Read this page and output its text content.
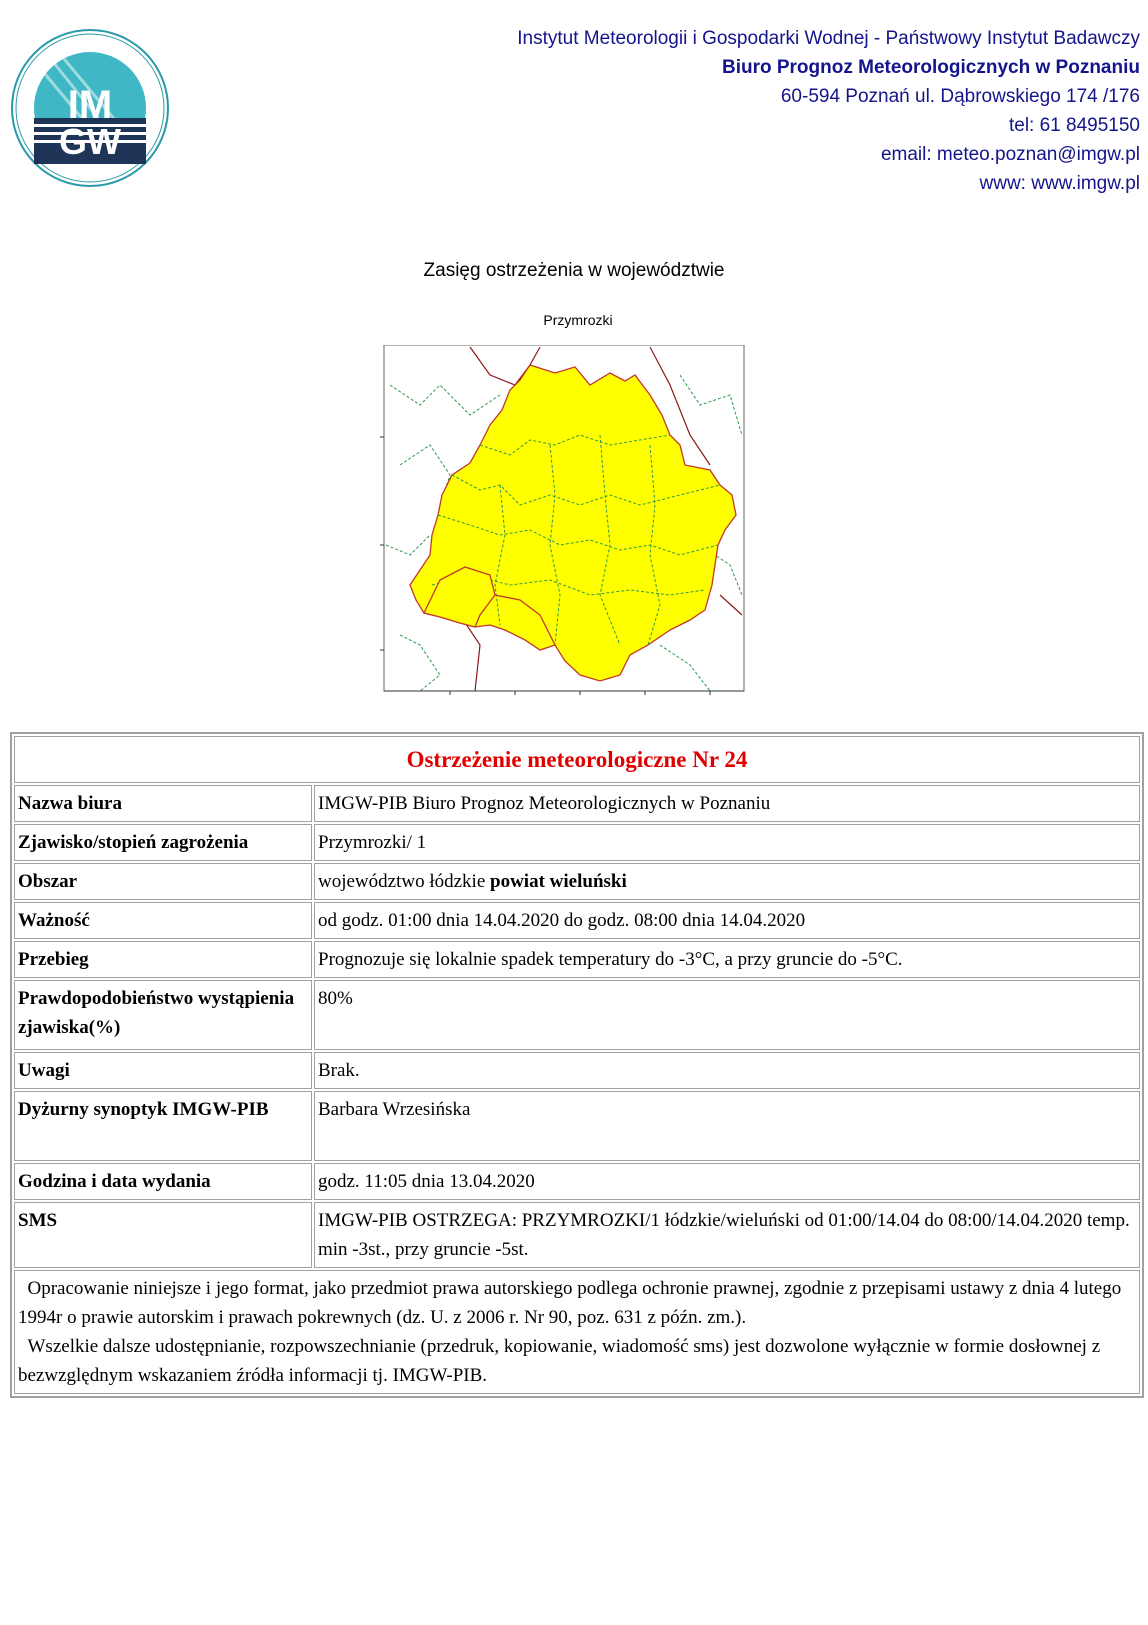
IM
GW
Instytut Meteorologii i Gospodarki Wodnej - Państwowy Instytut Badawczy
Biuro Prognoz Meteorologicznych w Poznaniu
60-594 Poznań ul. Dąbrowskiego 174 /176
tel: 61 8495150
email: meteo.poznan@imgw.pl
www: www.imgw.pl
Zasięg ostrzeżenia w województwie
Przymrozki
Ostrzeżenie meteorologiczne Nr 24	
Nazwa biura	IMGW-PIB Biuro Prognoz Meteorologicznych w Poznaniu
Zjawisko/stopień zagrożenia	Przymrozki/ 1
Obszar	województwo łódzkie powiat wieluński
Ważność	od godz. 01:00 dnia 14.04.2020 do godz. 08:00 dnia 14.04.2020
Przebieg	Prognozuje się lokalnie spadek temperatury do -3°C, a przy gruncie do -5°C.
Prawdopodobieństwo wystąpienia zjawiska(%)	80%
Uwagi	Brak.
Dyżurny synoptyk IMGW-PIB	Barbara Wrzesińska
Godzina i data wydania	godz. 11:05 dnia 13.04.2020
SMS	IMGW-PIB OSTRZEGA: PRZYMROZKI/1 łódzkie/wieluński od 01:00/14.04 do 08:00/14.04.2020 temp. min -3st., przy gruncie -5st.

Opracowanie niniejsze i jego format, jako przedmiot prawa autorskiego podlega ochronie prawnej, zgodnie z przepisami ustawy z dnia 4 lutego 1994r o prawie autorskim i prawach pokrewnych (dz. U. z 2006 r. Nr 90, poz. 631 z późn. zm.).

Wszelkie dalsze udostępnianie, rozpowszechnianie (przedruk, kopiowanie, wiadomość sms) jest dozwolone wyłącznie w formie dosłownej z bezwzględnym wskazaniem źródła informacji tj. IMGW-PIB.	
